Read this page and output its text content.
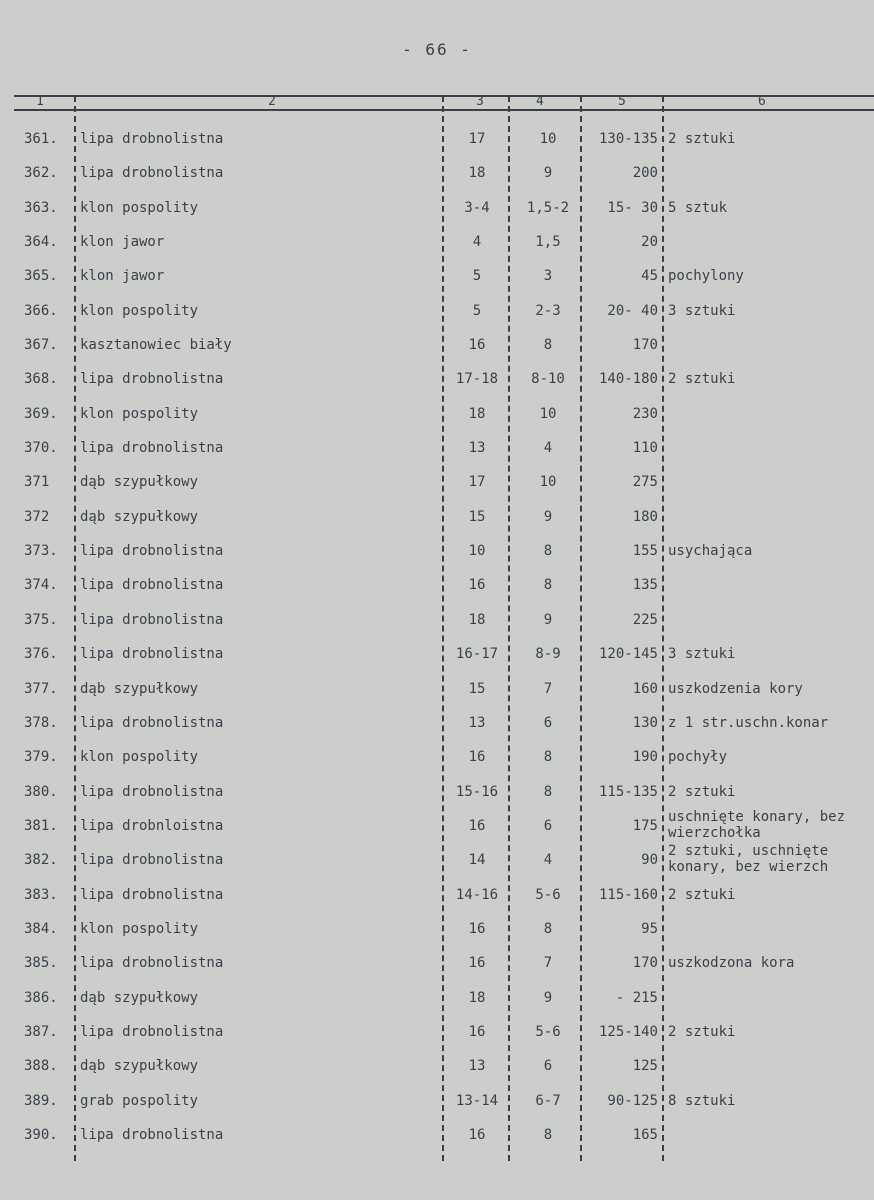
- 66 -
1	2	3	4	5	6
361.	lipa drobnolistna	17	10	130-135 2 sztuki
362.	lipa drobnolistna	18	9	200
363.	klon pospolity	3-4	1,5-2	15- 30 5 sztuk
364.	klon jawor	4	1,5	20
365.	klon jawor	5	3	45 pochylony
366.	klon pospolity	5	2-3	20- 40 3 sztuki
367.	kasztanowiec biały	16	8	170
368.	lipa drobnolistna	17-18	8-10	140-180 2 sztuki
369.	klon pospolity	18	10	230
370.	lipa drobnolistna	13	4	110
371	dąb szypułkowy	17	10	275
372	dąb szypułkowy	15	9	180
373.	lipa drobnolistna	10	8	155 usychająca
374.	lipa drobnolistna	16	8	135
375.	lipa drobnolistna	18	9	225
376.	lipa drobnolistna	16-17	8-9	120-145 3 sztuki
377.	dąb szypułkowy	15	7	160 uszkodzenia kory
378.	lipa drobnolistna	13	6	130 z 1 str.uschn.konar
379.	klon pospolity	16	8	190 pochyły
380.	lipa drobnolistna	15-16	8	115-135 2 sztuki
381.	lipa drobnloistna	16	6	175
uschnięte konary, bez wierzchołka
382.	lipa drobnolistna	14	4	90
2 sztuki, uschnięte konary, bez wierzch
383.	lipa drobnolistna	14-16	5-6	115-160 2 sztuki
384.	klon pospolity	16	8	95
385.	lipa drobnolistna	16	7	170 uszkodzona kora
386.	dąb szypułkowy	18	9	- 215
387.	lipa drobnolistna	16	5-6	125-140 2 sztuki
388.	dąb szypułkowy	13	6	125
389.	grab pospolity	13-14	6-7	90-125 8 sztuki
390.	lipa drobnolistna	16	8	165
